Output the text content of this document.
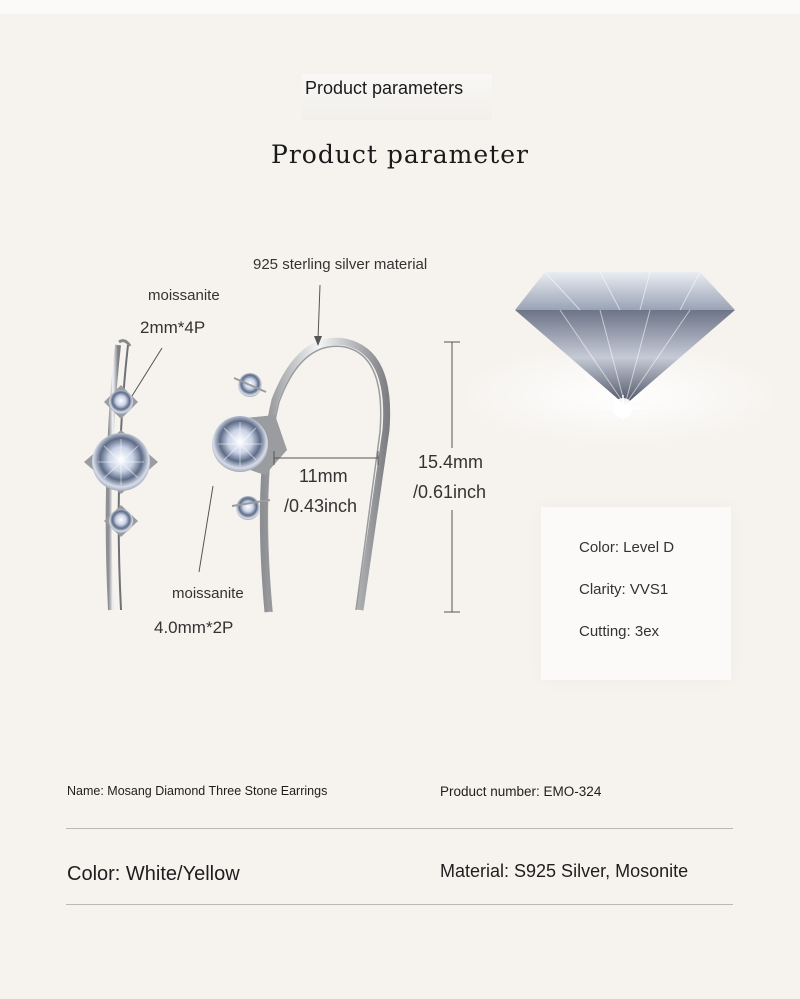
Product parameters
Product parameter
925 sterling silver material
moissanite
2mm*4P
moissanite
4.0mm*2P
11mm
/0.43inch
15.4mm
/0.61inch
Color: Level D
Clarity: VVS1
Cutting: 3ex
Name: Mosang Diamond Three Stone Earrings	Product number: EMO-324
Color: White/Yellow	Material: S925 Silver, Mosonite
